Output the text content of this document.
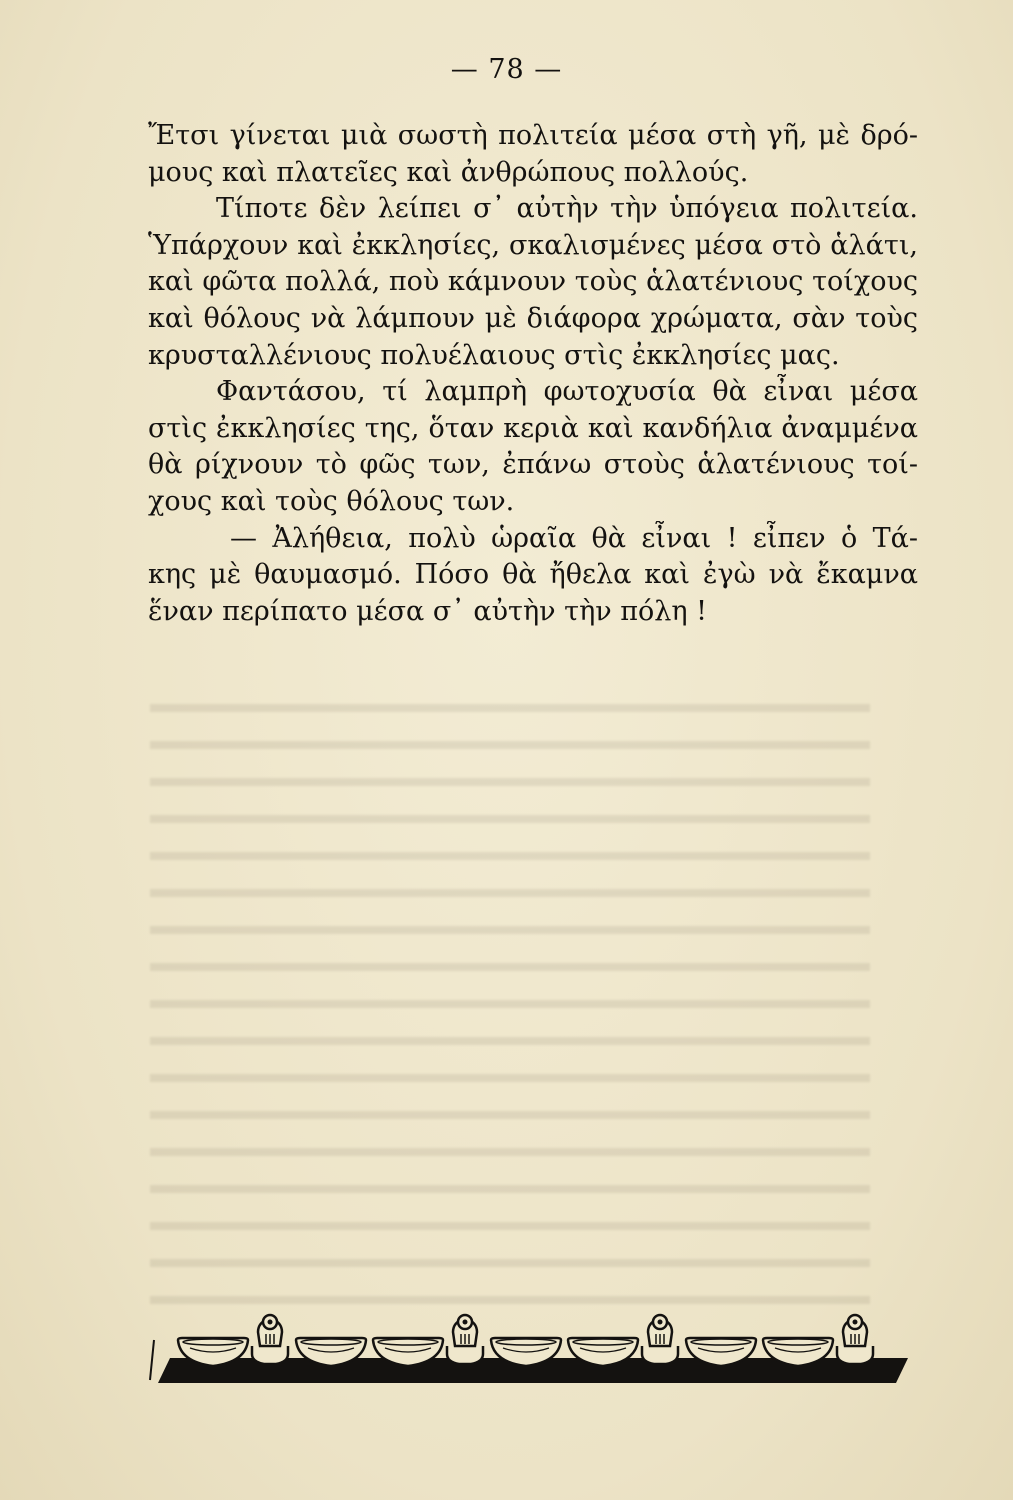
— 78 —
Ἔτσι γίνεται μιὰ σωστὴ πολιτεία μέσα στὴ γῆ, μὲ δρό-
μους καὶ πλατεῖες καὶ ἀνθρώπους πολλούς.
Τίποτε δὲν λείπει σ᾽ αὐτὴν τὴν ὑπόγεια πολιτεία.
Ὑπάρχουν καὶ ἐκκλησίες, σκαλισμένες μέσα στὸ ἁλάτι,
καὶ φῶτα πολλά, ποὺ κάμνουν τοὺς ἁλατένιους τοίχους
καὶ θόλους νὰ λάμπουν μὲ διάφορα χρώματα, σὰν τοὺς
κρυσταλλένιους πολυέλαιους στὶς ἐκκλησίες μας.
Φαντάσου, τί λαμπρὴ φωτοχυσία θὰ εἶναι μέσα
στὶς ἐκκλησίες της, ὅταν κεριὰ καὶ κανδήλια ἀναμμένα
θὰ ρίχνουν τὸ φῶς των, ἐπάνω στοὺς ἁλατένιους τοί-
χους καὶ τοὺς θόλους των.
— Ἀλήθεια, πολὺ ὡραῖα θὰ εἶναι ! εἶπεν ὁ Τά-
κης μὲ θαυμασμό. Πόσο θὰ ἤθελα καὶ ἐγὼ νὰ ἔκαμνα
ἕναν περίπατο μέσα σ᾽ αὐτὴν τὴν πόλη !
